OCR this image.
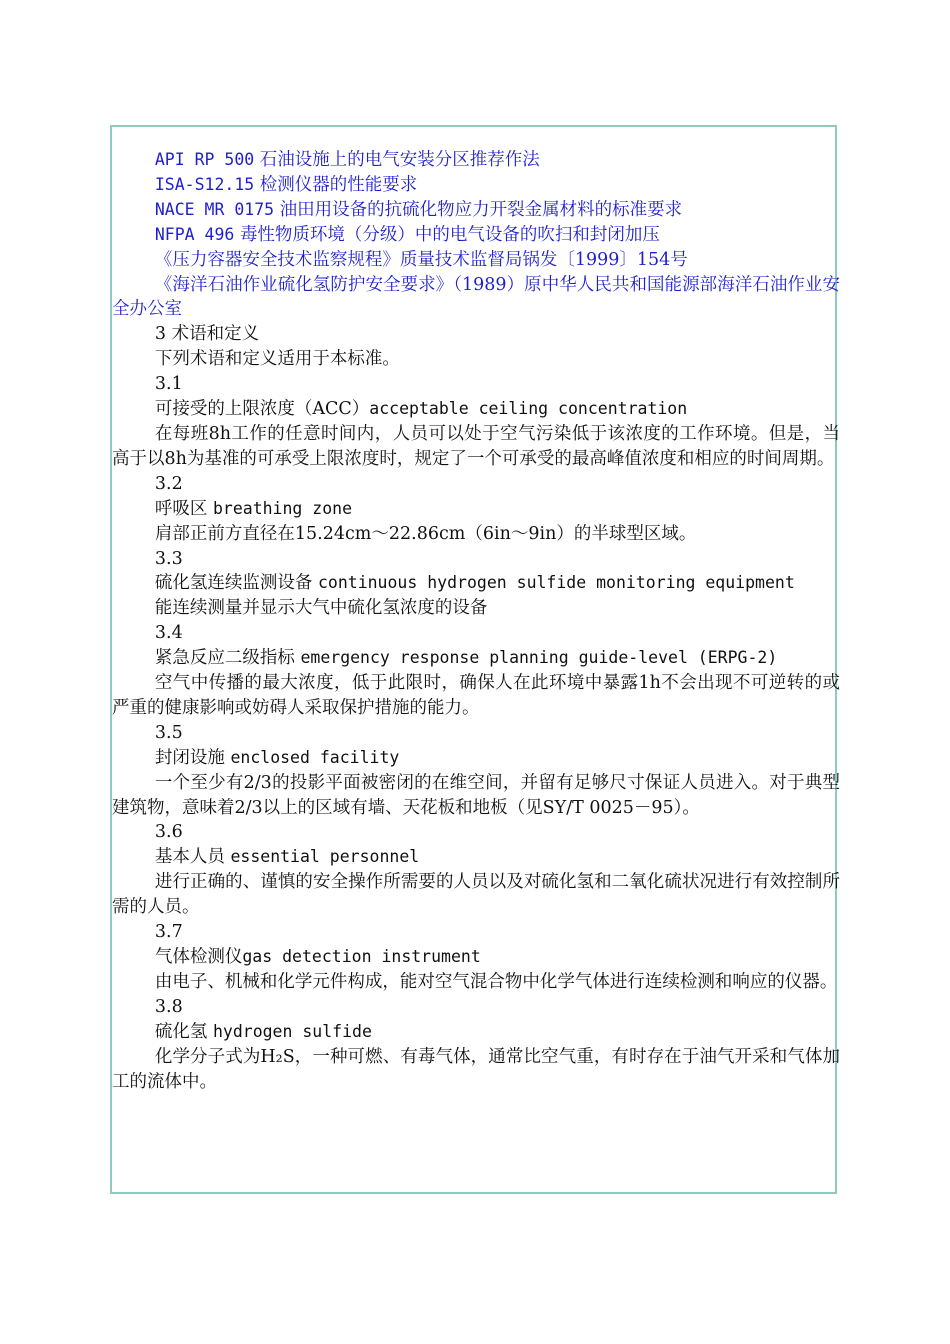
API RP 500 石油设施上的电气安装分区推荐作法

ISA-S12.15 检测仪器的性能要求

NACE MR 0175 油田用设备的抗硫化物应力开裂金属材料的标准要求

NFPA 496 毒性物质环境（分级）中的电气设备的吹扫和封闭加压

《压力容器安全技术监察规程》质量技术监督局锅发〔1999〕154号

《海洋石油作业硫化氢防护安全要求》（1989）原中华人民共和国能源部海洋石油作业安全办公室

3 术语和定义

下列术语和定义适用于本标准。

3.1

可接受的上限浓度（ACC）acceptable ceiling concentration

在每班8h工作的任意时间内，人员可以处于空气污染低于该浓度的工作环境。但是，当高于以8h为基准的可承受上限浓度时，规定了一个可承受的最高峰值浓度和相应的时间周期。

3.2

呼吸区 breathing zone

肩部正前方直径在15.24cm～22.86cm（6in～9in）的半球型区域。

3.3

硫化氢连续监测设备 continuous hydrogen sulfide monitoring equipment

能连续测量并显示大气中硫化氢浓度的设备

3.4

紧急反应二级指标 emergency response planning guide-level (ERPG-2)

空气中传播的最大浓度，低于此限时，确保人在此环境中暴露1h不会出现不可逆转的或严重的健康影响或妨碍人采取保护措施的能力。

3.5

封闭设施 enclosed facility

一个至少有2/3的投影平面被密闭的在维空间，并留有足够尺寸保证人员进入。对于典型建筑物，意味着2/3以上的区域有墙、天花板和地板（见SY/T 0025－95）。

3.6

基本人员 essential personnel

进行正确的、谨慎的安全操作所需要的人员以及对硫化氢和二氧化硫状况进行有效控制所需的人员。

3.7

气体检测仪gas detection instrument

由电子、机械和化学元件构成，能对空气混合物中化学气体进行连续检测和响应的仪器。

3.8

硫化氢 hydrogen sulfide

化学分子式为H₂S，一种可燃、有毒气体，通常比空气重，有时存在于油气开采和气体加工的流体中。
